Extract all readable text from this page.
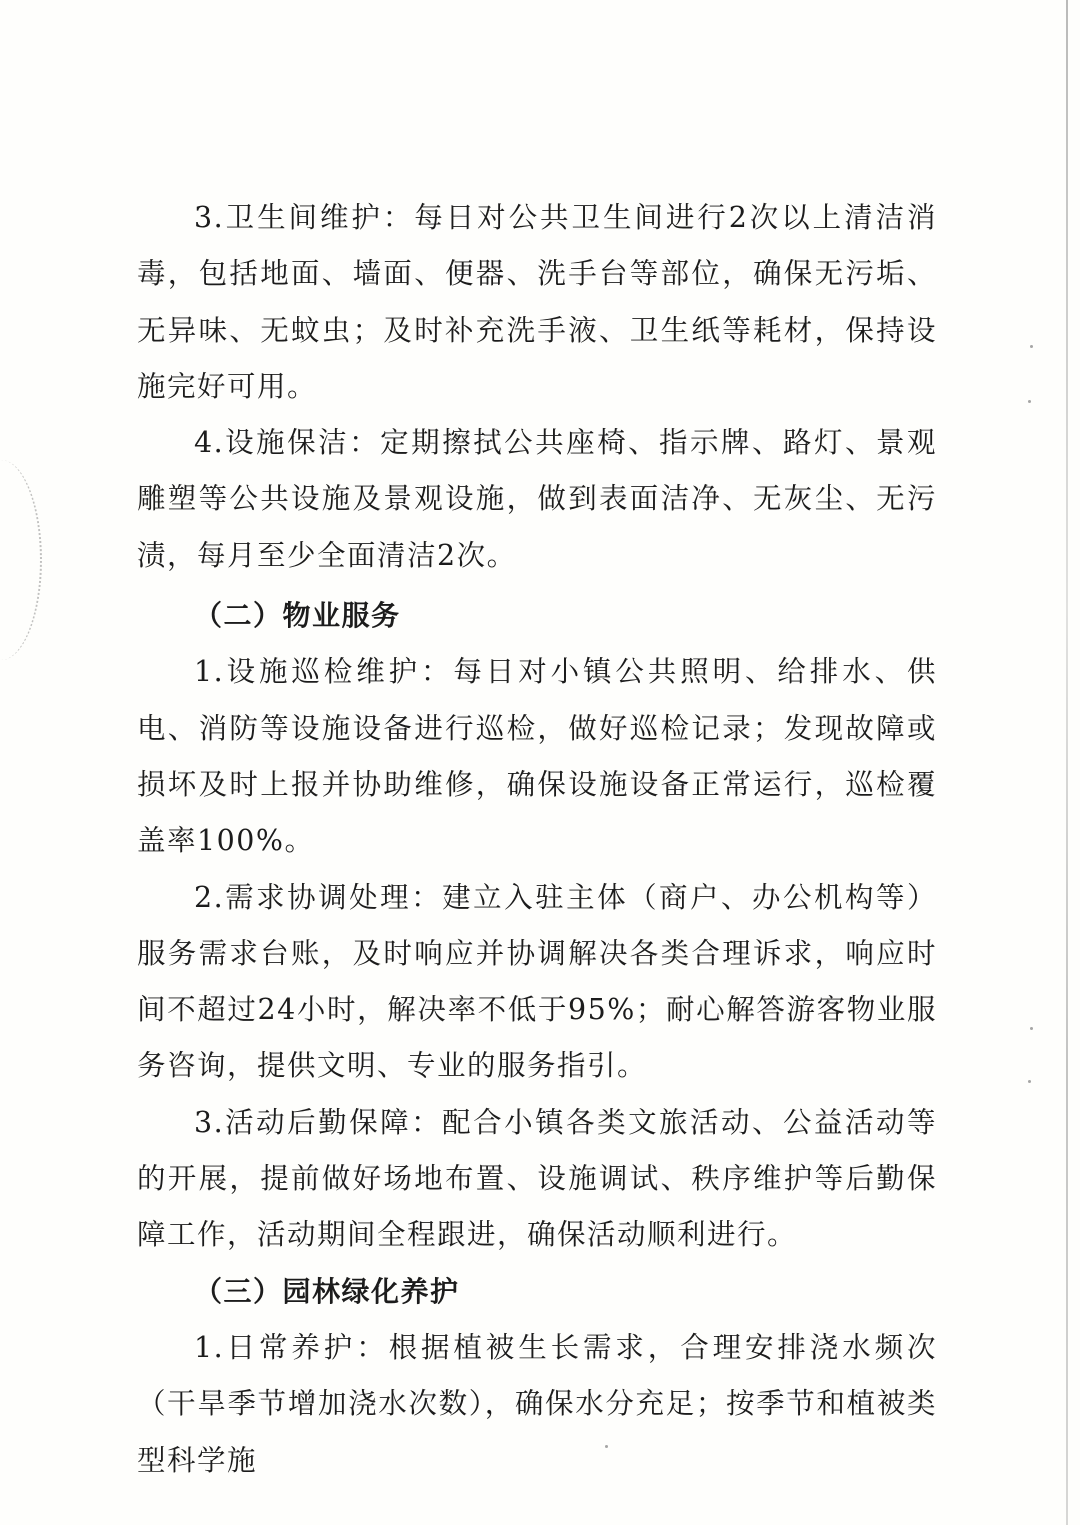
3.卫生间维护：每日对公共卫生间进行2次以上清洁消毒，包括地面、墙面、便器、洗手台等部位，确保无污垢、无异味、无蚊虫；及时补充洗手液、卫生纸等耗材，保持设施完好可用。

4.设施保洁：定期擦拭公共座椅、指示牌、路灯、景观雕塑等公共设施及景观设施，做到表面洁净、无灰尘、无污渍，每月至少全面清洁2次。

（二）物业服务

1.设施巡检维护：每日对小镇公共照明、给排水、供电、消防等设施设备进行巡检，做好巡检记录；发现故障或损坏及时上报并协助维修，确保设施设备正常运行，巡检覆盖率100%。

2.需求协调处理：建立入驻主体（商户、办公机构等）服务需求台账，及时响应并协调解决各类合理诉求，响应时间不超过24小时，解决率不低于95%；耐心解答游客物业服务咨询，提供文明、专业的服务指引。

3.活动后勤保障：配合小镇各类文旅活动、公益活动等的开展，提前做好场地布置、设施调试、秩序维护等后勤保障工作，活动期间全程跟进，确保活动顺利进行。

（三）园林绿化养护

1.日常养护：根据植被生长需求，合理安排浇水频次（干旱季节增加浇水次数），确保水分充足；按季节和植被类型科学施
